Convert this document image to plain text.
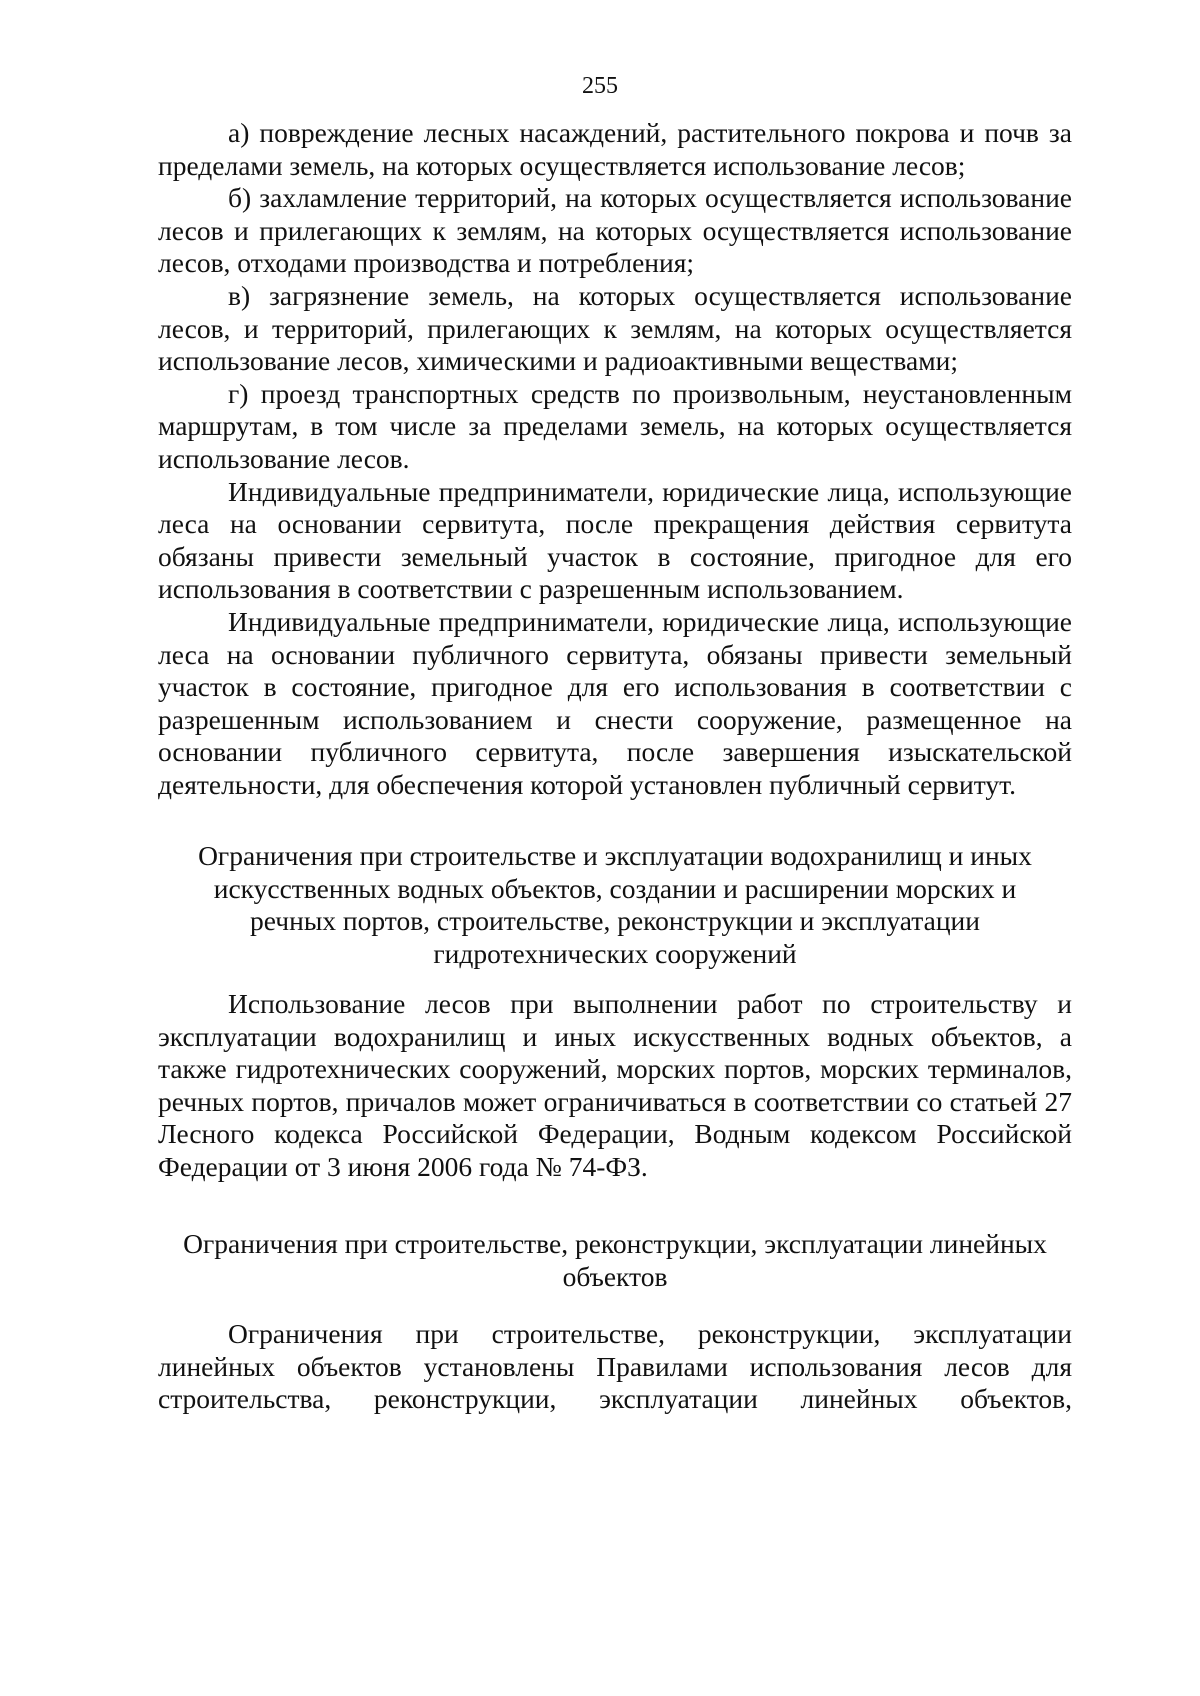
255

а) повреждение лесных насаждений, растительного покрова и почв за пределами земель, на которых осуществляется использование лесов;

б) захламление территорий, на которых осуществляется использование лесов и прилегающих к землям, на которых осуществляется использование лесов, отходами производства и потребления;

в) загрязнение земель, на которых осуществляется использование лесов, и территорий, прилегающих к землям, на которых осуществляется использование лесов, химическими и радиоактивными веществами;

г) проезд транспортных средств по произвольным, неустановленным маршрутам, в том числе за пределами земель, на которых осуществляется использование лесов.

Индивидуальные предприниматели, юридические лица, использующие леса на основании сервитута, после прекращения действия сервитута обязаны привести земельный участок в состояние, пригодное для его использования в соответствии с разрешенным использованием.

Индивидуальные предприниматели, юридические лица, использующие леса на основании публичного сервитута, обязаны привести земельный участок в состояние, пригодное для его использования в соответствии с разрешенным использованием и снести сооружение, размещенное на основании публичного сервитута, после завершения изыскательской деятельности, для обеспечения которой установлен публичный сервитут.

Ограничения при строительстве и эксплуатации водохранилищ и иных
искусственных водных объектов, создании и расширении морских и
речных портов, строительстве, реконструкции и эксплуатации
гидротехнических сооружений

Использование лесов при выполнении работ по строительству и эксплуатации водохранилищ и иных искусственных водных объектов, а также гидротехнических сооружений, морских портов, морских терминалов, речных портов, причалов может ограничиваться в соответствии со статьей 27 Лесного кодекса Российской Федерации, Водным кодексом Российской Федерации от 3 июня 2006 года № 74-ФЗ.

Ограничения при строительстве, реконструкции, эксплуатации линейных
объектов

Ограничения при строительстве, реконструкции, эксплуатации линейных объектов установлены Правилами использования лесов для строительства, реконструкции, эксплуатации линейных объектов,
